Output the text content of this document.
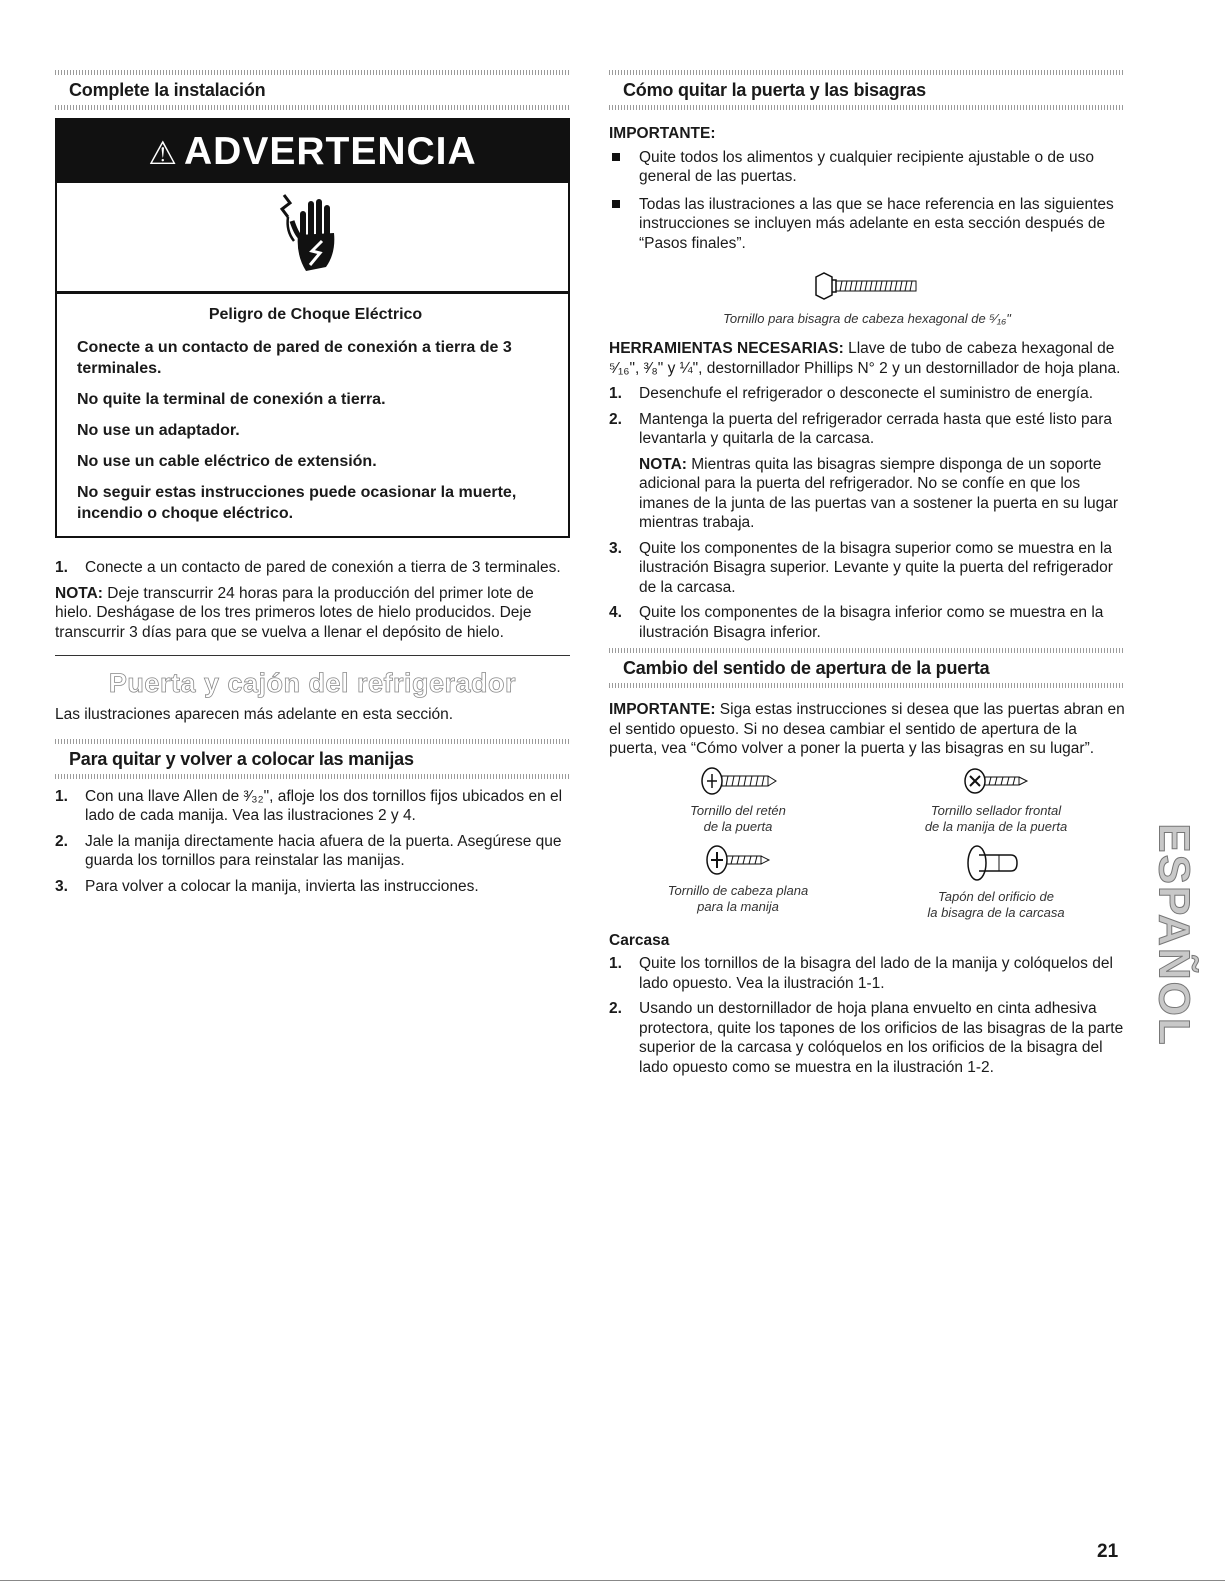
Complete la instalación
⚠ ADVERTENCIA

Peligro de Choque Eléctrico

Conecte a un contacto de pared de conexión a tierra de 3 terminales.

No quite la terminal de conexión a tierra.

No use un adaptador.

No use un cable eléctrico de extensión.

No seguir estas instrucciones puede ocasionar la muerte, incendio o choque eléctrico.

1. Conecte a un contacto de pared de conexión a tierra de 3 terminales.

NOTA: Deje transcurrir 24 horas para la producción del primer lote de hielo. Deshágase de los tres primeros lotes de hielo producidos. Deje transcurrir 3 días para que se vuelva a llenar el depósito de hielo.

Puerta y cajón del refrigerador

Las ilustraciones aparecen más adelante en esta sección.

Para quitar y volver a colocar las manijas
1. Con una llave Allen de ³⁄₃₂", afloje los dos tornillos fijos ubicados en el lado de cada manija. Vea las ilustraciones 2 y 4.
2. Jale la manija directamente hacia afuera de la puerta. Asegúrese que guarda los tornillos para reinstalar las manijas.
3. Para volver a colocar la manija, invierta las instrucciones.
Cómo quitar la puerta y las bisagras

IMPORTANTE:

Quite todos los alimentos y cualquier recipiente ajustable o de uso general de las puertas.
Todas las ilustraciones a las que se hace referencia en las siguientes instrucciones se incluyen más adelante en esta sección después de “Pasos finales”.

Tornillo para bisagra de cabeza hexagonal de ⁵⁄₁₆"

HERRAMIENTAS NECESARIAS: Llave de tubo de cabeza hexagonal de ⁵⁄₁₆", ³⁄₈" y ¼", destornillador Phillips N° 2 y un destornillador de hoja plana.

1. Desenchufe el refrigerador o desconecte el suministro de energía.
2. Mantenga la puerta del refrigerador cerrada hasta que esté listo para levantarla y quitarla de la carcasa.
NOTA: Mientras quita las bisagras siempre disponga de un soporte adicional para la puerta del refrigerador. No se confíe en que los imanes de la junta de las puertas van a sostener la puerta en su lugar mientras trabaja.
3. Quite los componentes de la bisagra superior como se muestra en la ilustración Bisagra superior. Levante y quite la puerta del refrigerador de la carcasa.
4. Quite los componentes de la bisagra inferior como se muestra en la ilustración Bisagra inferior.
Cambio del sentido de apertura de la puerta

IMPORTANTE: Siga estas instrucciones si desea que las puertas abran en el sentido opuesto. Si no desea cambiar el sentido de apertura de la puerta, vea “Cómo volver a poner la puerta y las bisagras en su lugar”.

Tornillo del retén
de la puerta
Tornillo sellador frontal
de la manija de la puerta
Tornillo de cabeza plana
para la manija
Tapón del orificio de
la bisagra de la carcasa

Carcasa

1. Quite los tornillos de la bisagra del lado de la manija y colóquelos del lado opuesto. Vea la ilustración 1-1.
2. Usando un destornillador de hoja plana envuelto en cinta adhesiva protectora, quite los tapones de los orificios de las bisagras de la parte superior de la carcasa y colóquelos en los orificios de la bisagra del lado opuesto como se muestra en la ilustración 1-2.
ESPAÑOL
21
